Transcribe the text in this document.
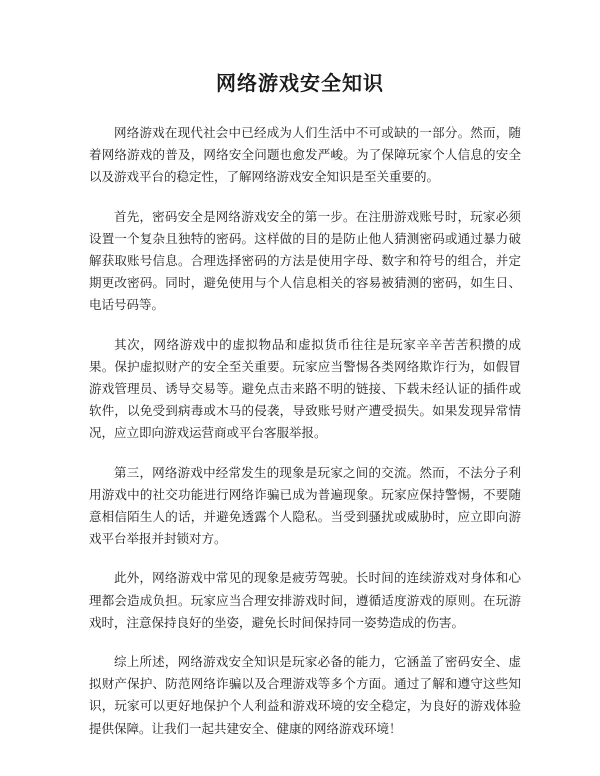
网络游戏安全知识

网络游戏在现代社会中已经成为人们生活中不可或缺的一部分。然而，随着网络游戏的普及，网络安全问题也愈发严峻。为了保障玩家个人信息的安全以及游戏平台的稳定性，了解网络游戏安全知识是至关重要的。

首先，密码安全是网络游戏安全的第一步。在注册游戏账号时，玩家必须设置一个复杂且独特的密码。这样做的目的是防止他人猜测密码或通过暴力破解获取账号信息。合理选择密码的方法是使用字母、数字和符号的组合，并定期更改密码。同时，避免使用与个人信息相关的容易被猜测的密码，如生日、电话号码等。

其次，网络游戏中的虚拟物品和虚拟货币往往是玩家辛辛苦苦积攒的成果。保护虚拟财产的安全至关重要。玩家应当警惕各类网络欺诈行为，如假冒游戏管理员、诱导交易等。避免点击来路不明的链接、下载未经认证的插件或软件，以免受到病毒或木马的侵袭，导致账号财产遭受损失。如果发现异常情况，应立即向游戏运营商或平台客服举报。

第三，网络游戏中经常发生的现象是玩家之间的交流。然而，不法分子利用游戏中的社交功能进行网络诈骗已成为普遍现象。玩家应保持警惕，不要随意相信陌生人的话，并避免透露个人隐私。当受到骚扰或威胁时，应立即向游戏平台举报并封锁对方。

此外，网络游戏中常见的现象是疲劳驾驶。长时间的连续游戏对身体和心理都会造成负担。玩家应当合理安排游戏时间，遵循适度游戏的原则。在玩游戏时，注意保持良好的坐姿，避免长时间保持同一姿势造成的伤害。

综上所述，网络游戏安全知识是玩家必备的能力，它涵盖了密码安全、虚拟财产保护、防范网络诈骗以及合理游戏等多个方面。通过了解和遵守这些知识，玩家可以更好地保护个人利益和游戏环境的安全稳定，为良好的游戏体验提供保障。让我们一起共建安全、健康的网络游戏环境！
